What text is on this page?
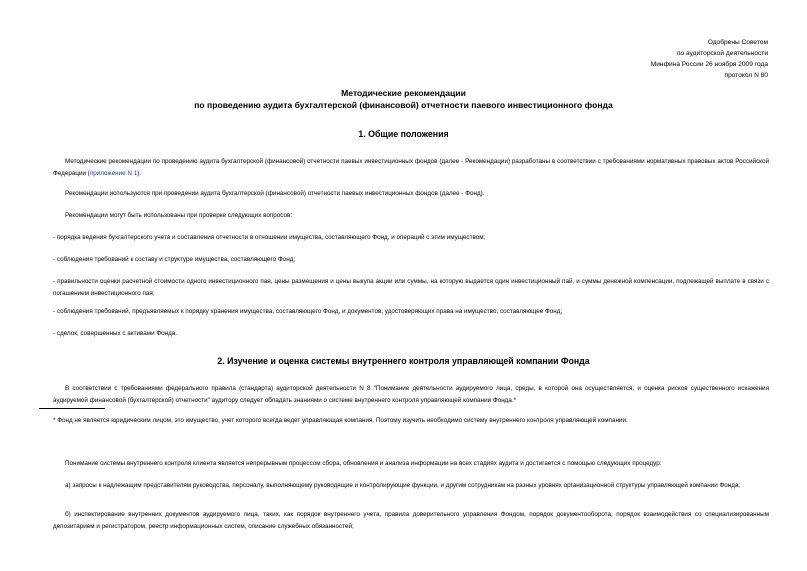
Одобрены Советом
по аудиторской деятельности
Минфина России 26 ноября 2009 года
протокол N 80
Методические рекомендации
по проведению аудита бухгалтерской (финансовой) отчетности паевого инвестиционного фонда
1. Общие положения

Методические рекомендации по проведению аудита бухгалтерской (финансовой) отчетности паевых инвестиционных фондов (далее - Рекомендации) разработаны в соответствии с требованиями нормативных правовых актов Российской Федерации (приложение N 1).

Рекомендации используются при проведении аудита бухгалтерской (финансовой) отчетности паевых инвестиционных фондов (далее - Фонд).

Рекомендации могут быть использованы при проверке следующих вопросов:

- порядка ведения бухгалтерского учета и составления отчетности в отношении имущества, составляющего Фонд, и операций с этим имуществом;

- соблюдения требований к составу и структуре имущества, составляющего Фонд;

- правильности оценки расчетной стоимости одного инвестиционного пая, цены размещения и цены выкупа акции или суммы, на которую выдается один инвестиционный пай, и суммы денежной компенсации, подлежащей выплате в связи с погашением инвестиционного пая;

- соблюдения требований, предъявляемых к порядку хранения имущества, составляющего Фонд, и документов, удостоверяющих права на имущество, составляющее Фонд;

- сделок, совершенных с активами Фонда.

2. Изучение и оценка системы внутреннего контроля управляющей компании Фонда

В соответствии с требованиями федерального правила (стандарта) аудиторской деятельности N 8 "Понимание деятельности аудируемого лица, среды, в которой она осуществляется, и оценка рисков существенного искажения аудируемой финансовой (бухгалтерской) отчетности" аудитору следует обладать знаниями о системе внутреннего контроля управляющей компании Фонда.*

* Фонд не является юридическим лицом, это имущество, учет которого всегда ведет управляющая компания. Поэтому изучить необходимо систему внутреннего контроля управляющей компании.

Понимание системы внутреннего контроля клиента является непрерывным процессом сбора, обновления и анализа информации на всех стадиях аудита и достигается с помощью следующих процедур:

а) запросы к надлежащим представителям руководства, персоналу, выполняющему руководящие и контролирующие функции, и другим сотрудникам на разных уровнях организационной структуры управляющей компании Фонда;

б) инспектирование внутренних документов аудируемого лица, таких, как порядок внутреннего учета, правила доверительного управления Фондом, порядок документооборота, порядок взаимодействия со специализированным депозитарием и регистратором, реестр информационных систем, описание служебных обязанностей;
